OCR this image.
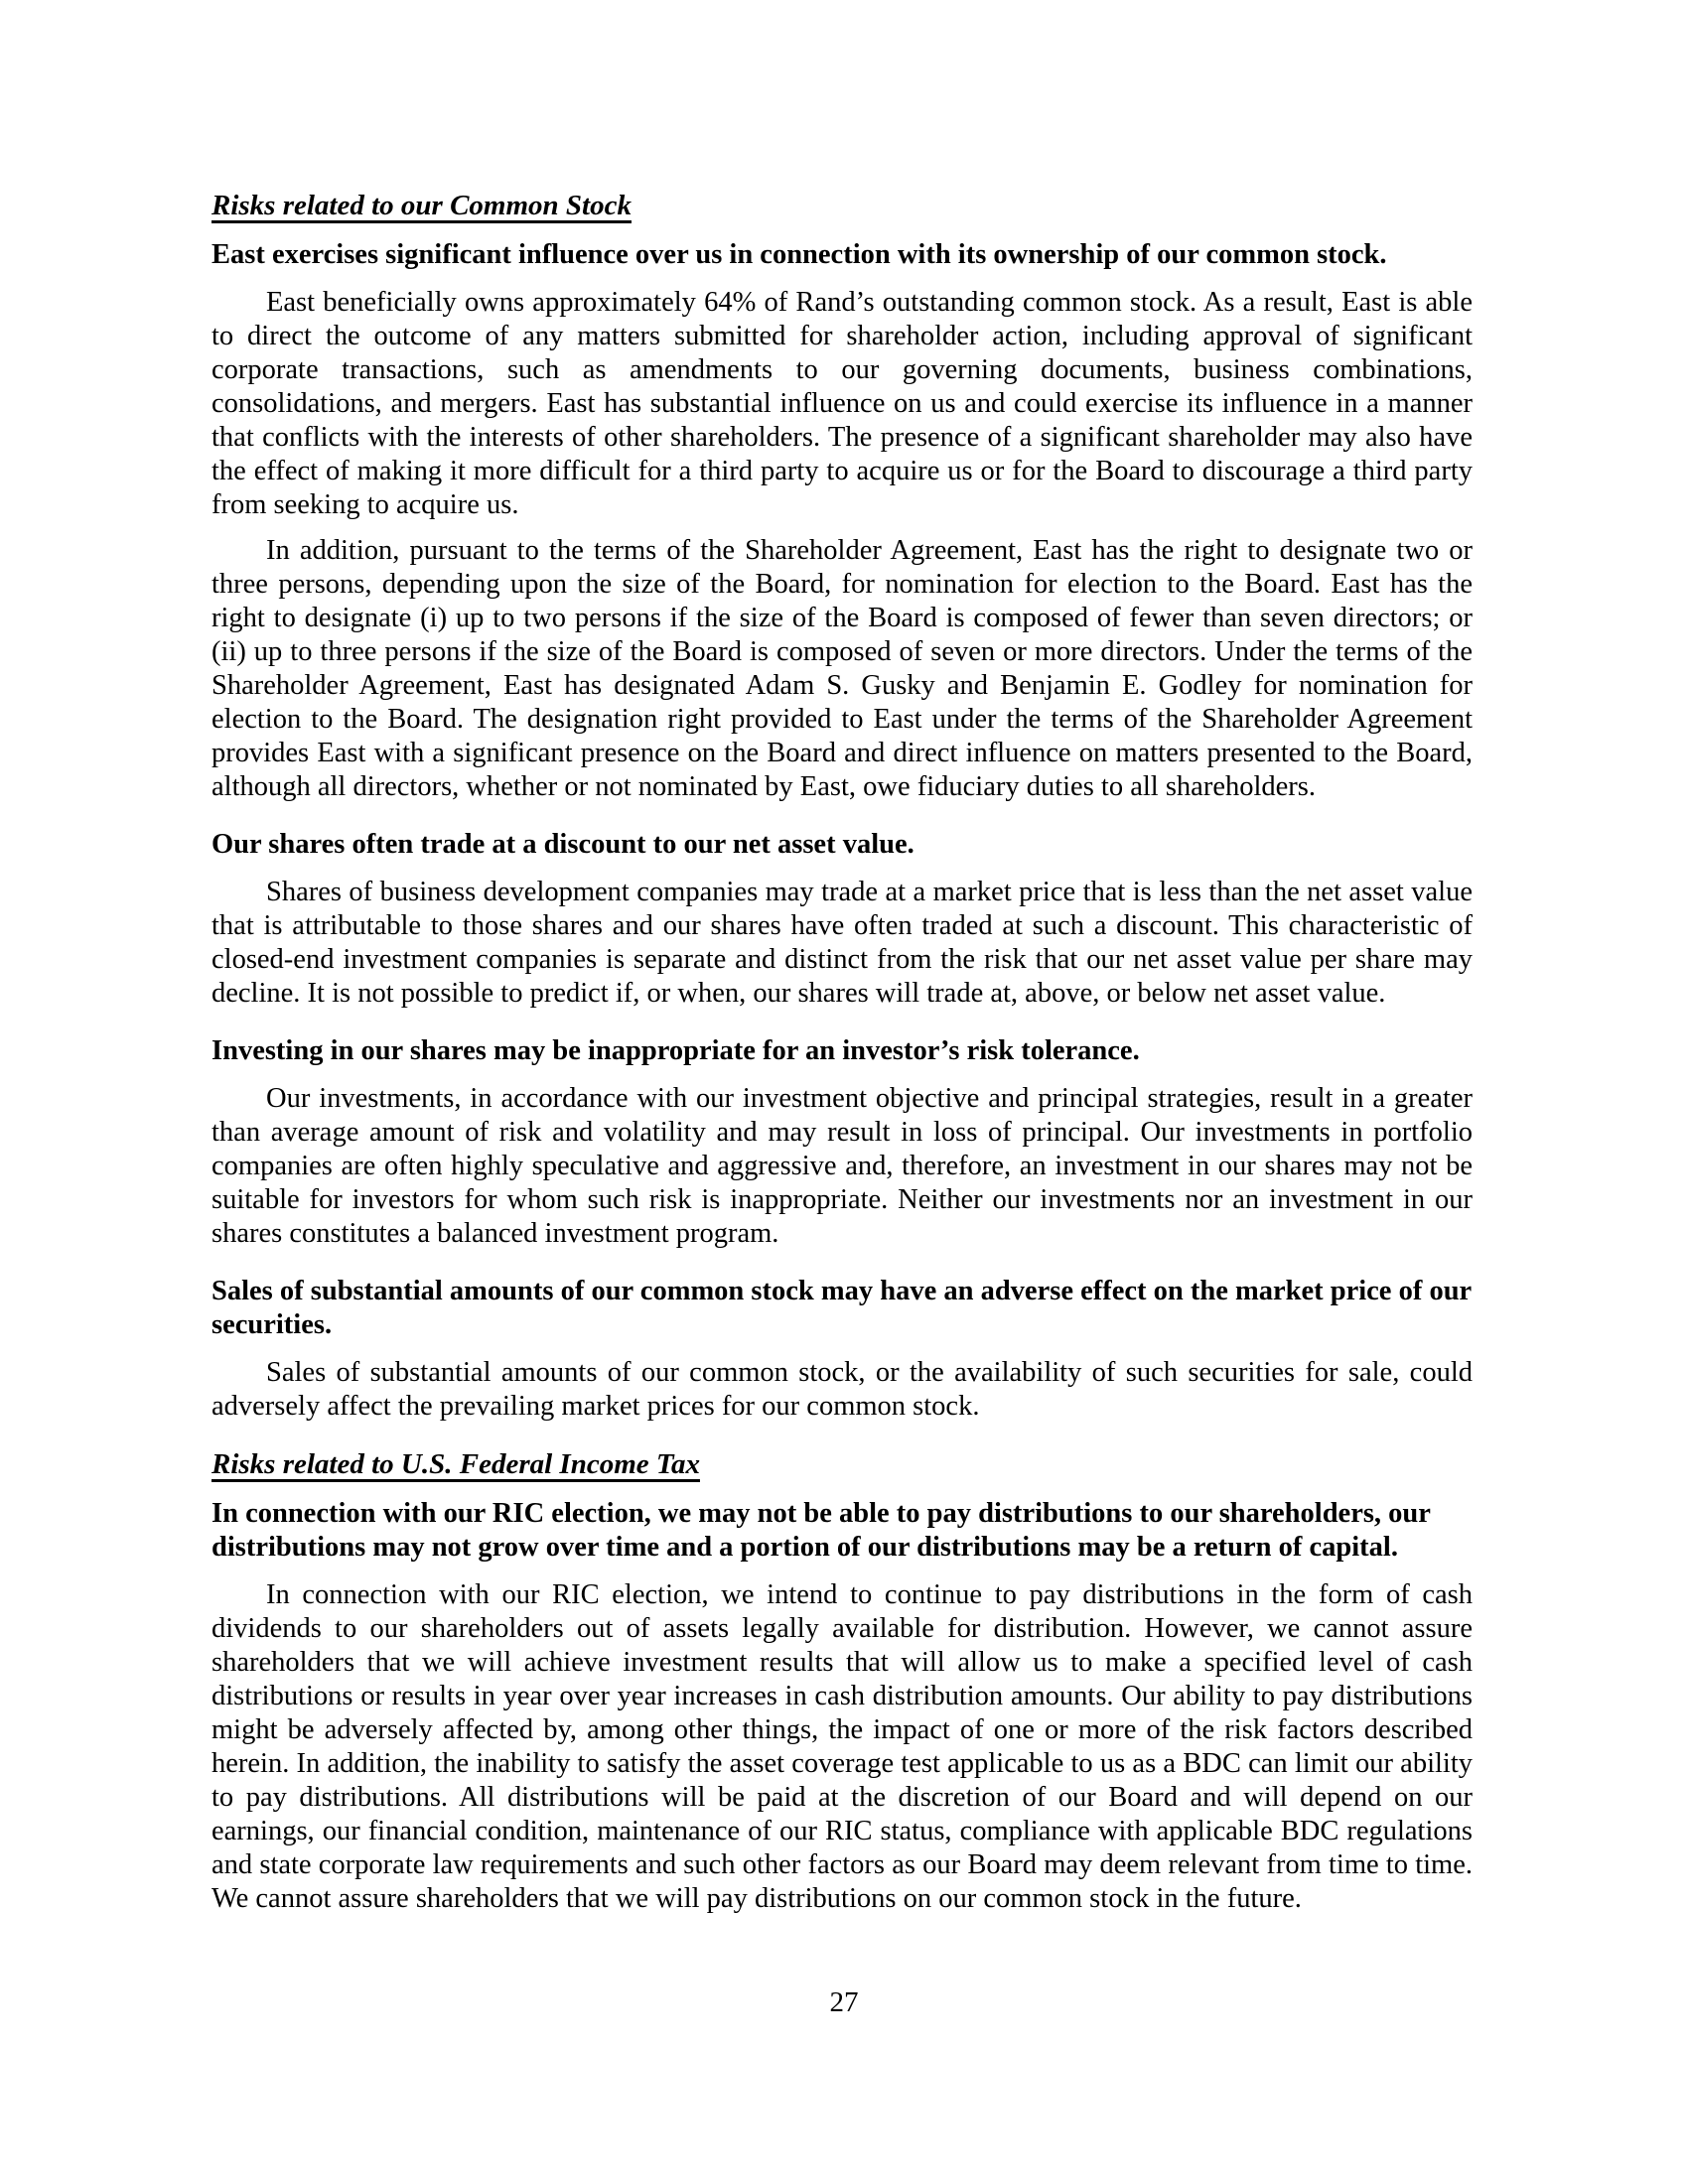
Risks related to our Common Stock
East exercises significant influence over us in connection with its ownership of our common stock.

East beneficially owns approximately 64% of Rand’s outstanding common stock. As a result, East is able to direct the outcome of any matters submitted for shareholder action, including approval of significant corporate transactions, such as amendments to our governing documents, business combinations, consolidations, and mergers. East has substantial influence on us and could exercise its influence in a manner that conflicts with the interests of other shareholders. The presence of a significant shareholder may also have the effect of making it more difficult for a third party to acquire us or for the Board to discourage a third party from seeking to acquire us.

In addition, pursuant to the terms of the Shareholder Agreement, East has the right to designate two or three persons, depending upon the size of the Board, for nomination for election to the Board. East has the right to designate (i) up to two persons if the size of the Board is composed of fewer than seven directors; or (ii) up to three persons if the size of the Board is composed of seven or more directors. Under the terms of the Shareholder Agreement, East has designated Adam S. Gusky and Benjamin E. Godley for nomination for election to the Board. The designation right provided to East under the terms of the Shareholder Agreement provides East with a significant presence on the Board and direct influence on matters presented to the Board, although all directors, whether or not nominated by East, owe fiduciary duties to all shareholders.

Our shares often trade at a discount to our net asset value.

Shares of business development companies may trade at a market price that is less than the net asset value that is attributable to those shares and our shares have often traded at such a discount. This characteristic of closed-end investment companies is separate and distinct from the risk that our net asset value per share may decline. It is not possible to predict if, or when, our shares will trade at, above, or below net asset value.

Investing in our shares may be inappropriate for an investor’s risk tolerance.

Our investments, in accordance with our investment objective and principal strategies, result in a greater than average amount of risk and volatility and may result in loss of principal. Our investments in portfolio companies are often highly speculative and aggressive and, therefore, an investment in our shares may not be suitable for investors for whom such risk is inappropriate. Neither our investments nor an investment in our shares constitutes a balanced investment program.

Sales of substantial amounts of our common stock may have an adverse effect on the market price of our securities.

Sales of substantial amounts of our common stock, or the availability of such securities for sale, could adversely affect the prevailing market prices for our common stock.

Risks related to U.S. Federal Income Tax
In connection with our RIC election, we may not be able to pay distributions to our shareholders, our distributions may not grow over time and a portion of our distributions may be a return of capital.

In connection with our RIC election, we intend to continue to pay distributions in the form of cash dividends to our shareholders out of assets legally available for distribution. However, we cannot assure shareholders that we will achieve investment results that will allow us to make a specified level of cash distributions or results in year over year increases in cash distribution amounts. Our ability to pay distributions might be adversely affected by, among other things, the impact of one or more of the risk factors described herein. In addition, the inability to satisfy the asset coverage test applicable to us as a BDC can limit our ability to pay distributions. All distributions will be paid at the discretion of our Board and will depend on our earnings, our financial condition, maintenance of our RIC status, compliance with applicable BDC regulations and state corporate law requirements and such other factors as our Board may deem relevant from time to time. We cannot assure shareholders that we will pay distributions on our common stock in the future.

27
